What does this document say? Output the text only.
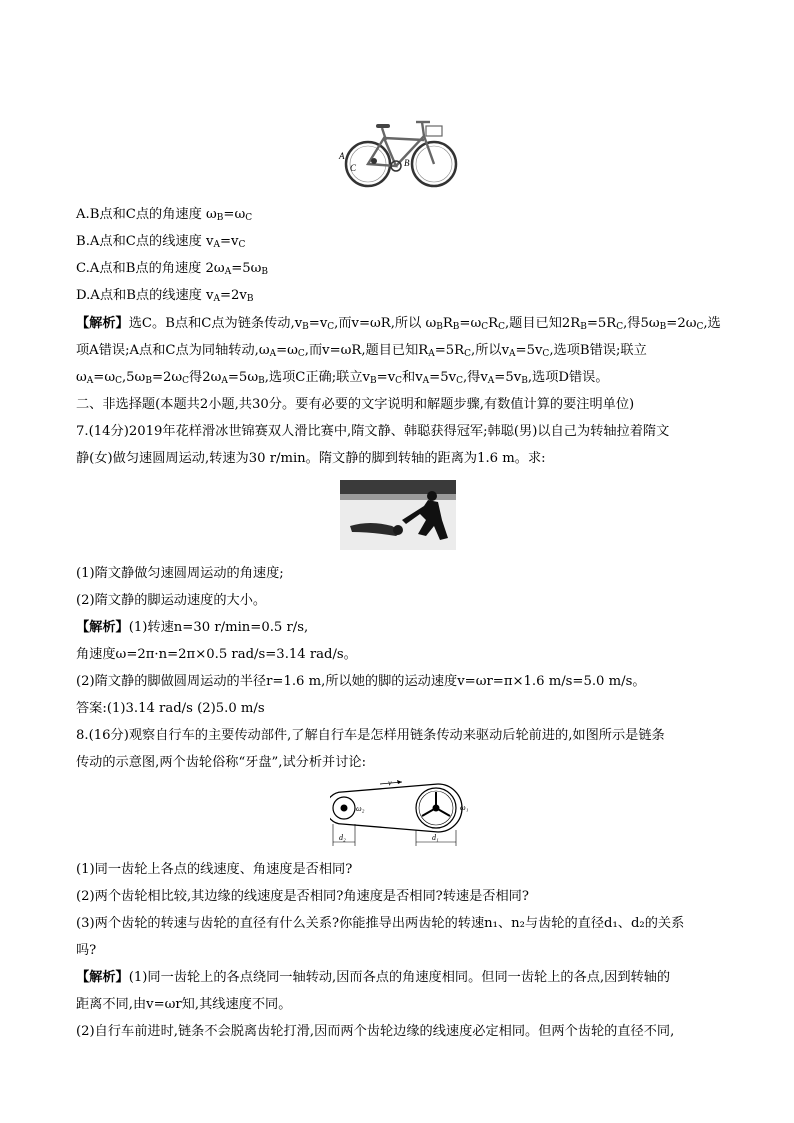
A
C	B
A.B点和C点的角速度 $\omega_B=\omega_C$
B.A点和C点的线速度 $v_A=v_C$
C.A点和B点的角速度 $2\omega_A=5\omega_B$
D.A点和B点的线速度 $v_A=2v_B$
【解析】选C。B点和C点为链条传动$,v_B=v_C$,而v=ωR,所以 $\omega_BR_B=\omega_CR_C$,题目已知$2R_B=5R_C$,得$5\omega_B=2\omega_C$,选
项A错误;A点和C点为同轴转动$,\omega_A=\omega_C$,而v=ωR,题目已知$R_A=5R_C$,所以$v_A=5v_C$,选项B错误;联立
$\omega_A=\omega_C,5\omega_B=2\omega_C$得$2\omega_A=5\omega_B$,选项C正确;联立$v_B=v_C$和$v_A=5v_C$,得$v_A=5v_B$,选项D错误。
二、非选择题(本题共2小题,共30分。要有必要的文字说明和解题步骤,有数值计算的要注明单位)
7.(14分)2019年花样滑冰世锦赛双人滑比赛中,隋文静、韩聪获得冠军;韩聪(男)以自己为转轴拉着隋文
静(女)做匀速圆周运动,转速为30 r/min。隋文静的脚到转轴的距离为1.6 m。求:
(1)隋文静做匀速圆周运动的角速度;
(2)隋文静的脚运动速度的大小。
【解析】(1)转速n=30 r/min=0.5 r/s,
角速度ω=2π·n=2π×0.5 rad/s=3.14 rad/s。
(2)隋文静的脚做圆周运动的半径r=1.6 m,所以她的脚的运动速度v=ωr=π×1.6 m/s=5.0 m/s。
答案:(1)3.14 rad/s (2)5.0 m/s
8.(16分)观察自行车的主要传动部件,了解自行车是怎样用链条传动来驱动后轮前进的,如图所示是链条
传动的示意图,两个齿轮俗称“牙盘”,试分析并讨论:
v
ω₁
ω₂
d₂	d₁
(1)同一齿轮上各点的线速度、角速度是否相同?
(2)两个齿轮相比较,其边缘的线速度是否相同?角速度是否相同?转速是否相同?
(3)两个齿轮的转速与齿轮的直径有什么关系?你能推导出两齿轮的转速n₁、n₂与齿轮的直径d₁、d₂的关系
吗?
【解析】(1)同一齿轮上的各点绕同一轴转动,因而各点的角速度相同。但同一齿轮上的各点,因到转轴的
距离不同,由v=ωr知,其线速度不同。
(2)自行车前进时,链条不会脱离齿轮打滑,因而两个齿轮边缘的线速度必定相同。但两个齿轮的直径不同,
